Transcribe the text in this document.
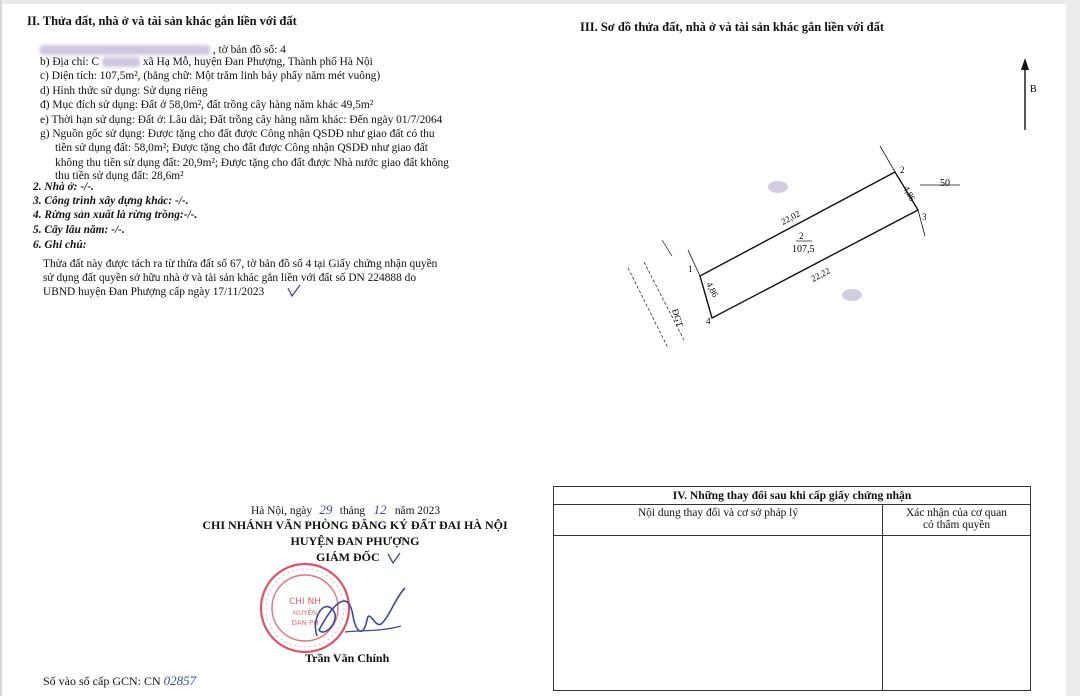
II. Thửa đất, nhà ở và tài sản khác gắn liền với đất
, tờ bản đồ số: 4
b) Địa chỉ: C	xã Hạ Mỗ, huyện Đan Phượng, Thành phố Hà Nội
c) Diện tích: 107,5m², (bằng chữ: Một trăm linh bảy phẩy năm mét vuông)
d) Hình thức sử dụng: Sử dụng riêng
đ) Mục đích sử dụng: Đất ở 58,0m², đất trồng cây hàng năm khác 49,5m²
e) Thời hạn sử dụng: Đất ở: Lâu dài; Đất trồng cây hàng năm khác: Đến ngày 01/7/2064
g) Nguồn gốc sử dụng: Được tặng cho đất được Công nhận QSDĐ như giao đất có thu
tiền sử dụng đất: 58,0m²; Được tặng cho đất được Công nhận QSDĐ như giao đất
không thu tiền sử dụng đất: 20,9m²; Được tặng cho đất được Nhà nước giao đất không
thu tiền sử dụng đất: 28,6m²
2. Nhà ở: -/-.
3. Công trình xây dựng khác: -/-.
4. Rừng sản xuất là rừng trồng:-/-.
5. Cây lâu năm: -/-.
6. Ghi chú:
Thửa đất này được tách ra từ thửa đất số 67, tờ bản đồ số 4 tại Giấy chứng nhận quyền
sử dụng đất quyền sở hữu nhà ở và tài sản khác gắn liền với đất số DN 224888 do
UBND huyện Đan Phượng cấp ngày 17/11/2023
Hà Nội, ngày 29 tháng 12 năm 2023
CHI NHÁNH VĂN PHÒNG ĐĂNG KÝ ĐẤT ĐAI HÀ NỘI
HUYỆN ĐAN PHƯỢNG
GIÁM ĐỐC
CHI NH
HUYỆN
ĐAN PH
Trần Văn Chính
Số vào sổ cấp GCN: CN 02857
III. Sơ đồ thửa đất, nhà ở và tài sản khác gắn liền với đất
B
1
2
3
4
22,02
4,86
22,22
4,86
107,5
2
50
ĐGT
IV. Những thay đổi sau khi cấp giấy chứng nhận	
Nội dung thay đổi và cơ sở pháp lý	Xác nhận của cơ quan
có thẩm quyền
